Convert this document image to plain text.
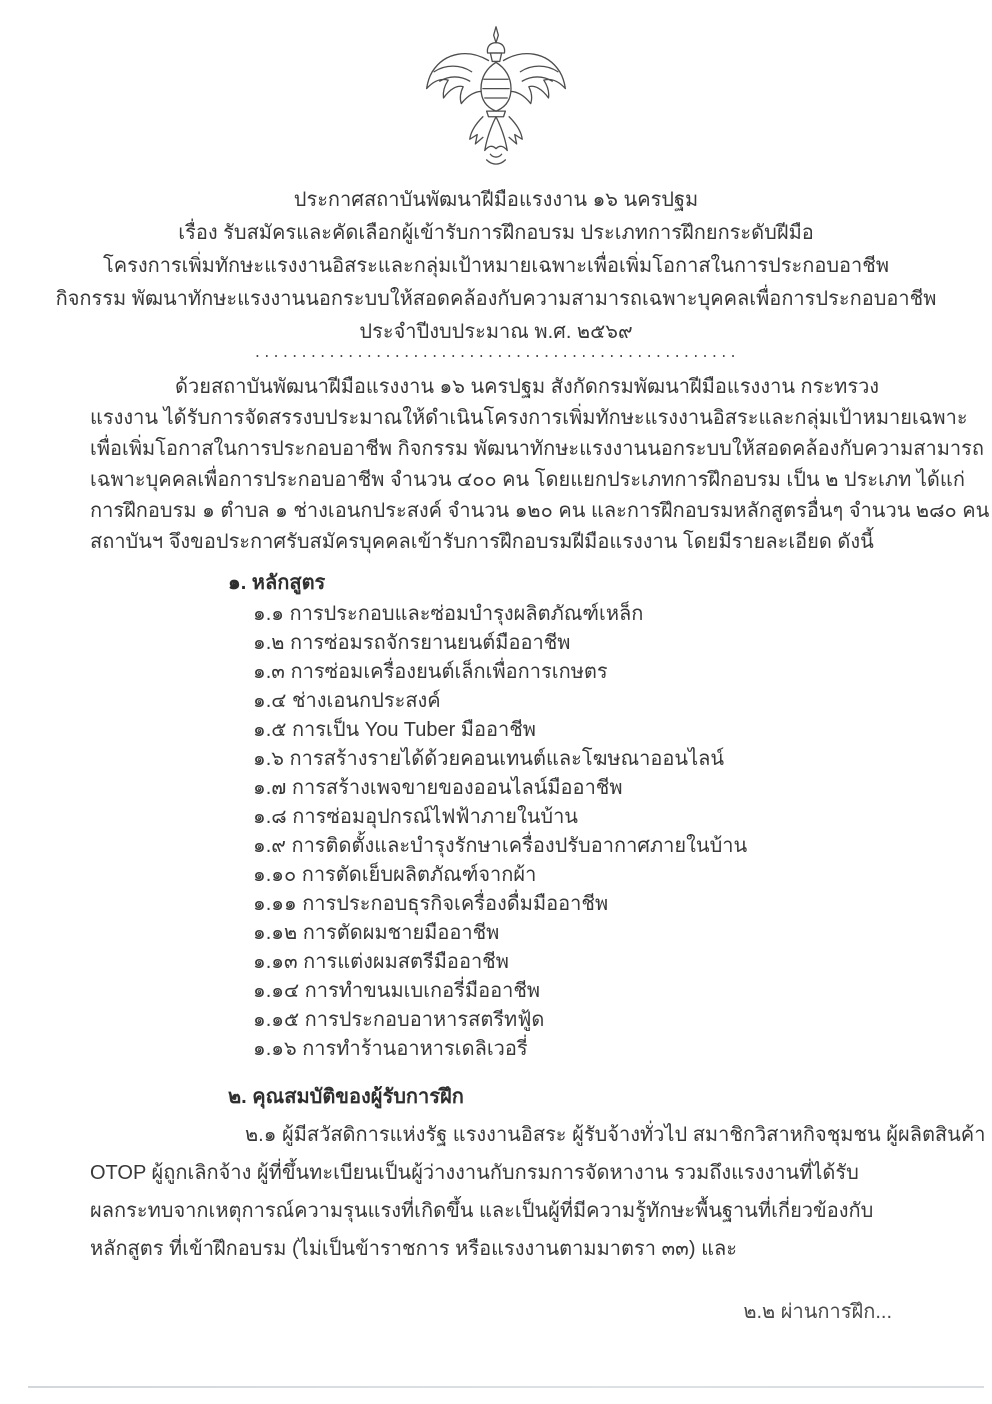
ประกาศสถาบันพัฒนาฝีมือแรงงาน ๑๖ นครปฐม
เรื่อง รับสมัครและคัดเลือกผู้เข้ารับการฝึกอบรม ประเภทการฝึกยกระดับฝีมือ
โครงการเพิ่มทักษะแรงงานอิสระและกลุ่มเป้าหมายเฉพาะเพื่อเพิ่มโอกาสในการประกอบอาชีพ
กิจกรรม พัฒนาทักษะแรงงานนอกระบบให้สอดคล้องกับความสามารถเฉพาะบุคคลเพื่อการประกอบอาชีพ
ประจำปีงบประมาณ พ.ศ. ๒๕๖๙
....................................................
ด้วยสถาบันพัฒนาฝีมือแรงงาน ๑๖ นครปฐม สังกัดกรมพัฒนาฝีมือแรงงาน กระทรวง
แรงงาน ได้รับการจัดสรรงบประมาณให้ดำเนินโครงการเพิ่มทักษะแรงงานอิสระและกลุ่มเป้าหมายเฉพาะ
เพื่อเพิ่มโอกาสในการประกอบอาชีพ กิจกรรม พัฒนาทักษะแรงงานนอกระบบให้สอดคล้องกับความสามารถ
เฉพาะบุคคลเพื่อการประกอบอาชีพ จำนวน ๔๐๐ คน โดยแยกประเภทการฝึกอบรม เป็น ๒ ประเภท ได้แก่
การฝึกอบรม ๑ ตำบล ๑ ช่างเอนกประสงค์ จำนวน ๑๒๐ คน และการฝึกอบรมหลักสูตรอื่นๆ จำนวน ๒๘๐ คน
สถาบันฯ จึงขอประกาศรับสมัครบุคคลเข้ารับการฝึกอบรมฝีมือแรงงาน โดยมีรายละเอียด ดังนี้
๑. หลักสูตร
๑.๑ การประกอบและซ่อมบำรุงผลิตภัณฑ์เหล็ก
๑.๒ การซ่อมรถจักรยานยนต์มืออาชีพ
๑.๓ การซ่อมเครื่องยนต์เล็กเพื่อการเกษตร
๑.๔ ช่างเอนกประสงค์
๑.๕ การเป็น You Tuber มืออาชีพ
๑.๖ การสร้างรายได้ด้วยคอนเทนต์และโฆษณาออนไลน์
๑.๗ การสร้างเพจขายของออนไลน์มืออาชีพ
๑.๘ การซ่อมอุปกรณ์ไฟฟ้าภายในบ้าน
๑.๙ การติดตั้งและบำรุงรักษาเครื่องปรับอากาศภายในบ้าน
๑.๑๐ การตัดเย็บผลิตภัณฑ์จากผ้า
๑.๑๑ การประกอบธุรกิจเครื่องดื่มมืออาชีพ
๑.๑๒ การตัดผมชายมืออาชีพ
๑.๑๓ การแต่งผมสตรีมืออาชีพ
๑.๑๔ การทำขนมเบเกอรี่มืออาชีพ
๑.๑๕ การประกอบอาหารสตรีทฟู้ด
๑.๑๖ การทำร้านอาหารเดลิเวอรี่
๒. คุณสมบัติของผู้รับการฝึก
๒.๑ ผู้มีสวัสดิการแห่งรัฐ แรงงานอิสระ ผู้รับจ้างทั่วไป สมาชิกวิสาหกิจชุมชน ผู้ผลิตสินค้า
OTOP ผู้ถูกเลิกจ้าง ผู้ที่ขึ้นทะเบียนเป็นผู้ว่างงานกับกรมการจัดหางาน รวมถึงแรงงานที่ได้รับ
ผลกระทบจากเหตุการณ์ความรุนแรงที่เกิดขึ้น และเป็นผู้ที่มีความรู้ทักษะพื้นฐานที่เกี่ยวข้องกับ
หลักสูตร ที่เข้าฝึกอบรม (ไม่เป็นข้าราชการ หรือแรงงานตามมาตรา ๓๓) และ
๒.๒ ผ่านการฝึก...
